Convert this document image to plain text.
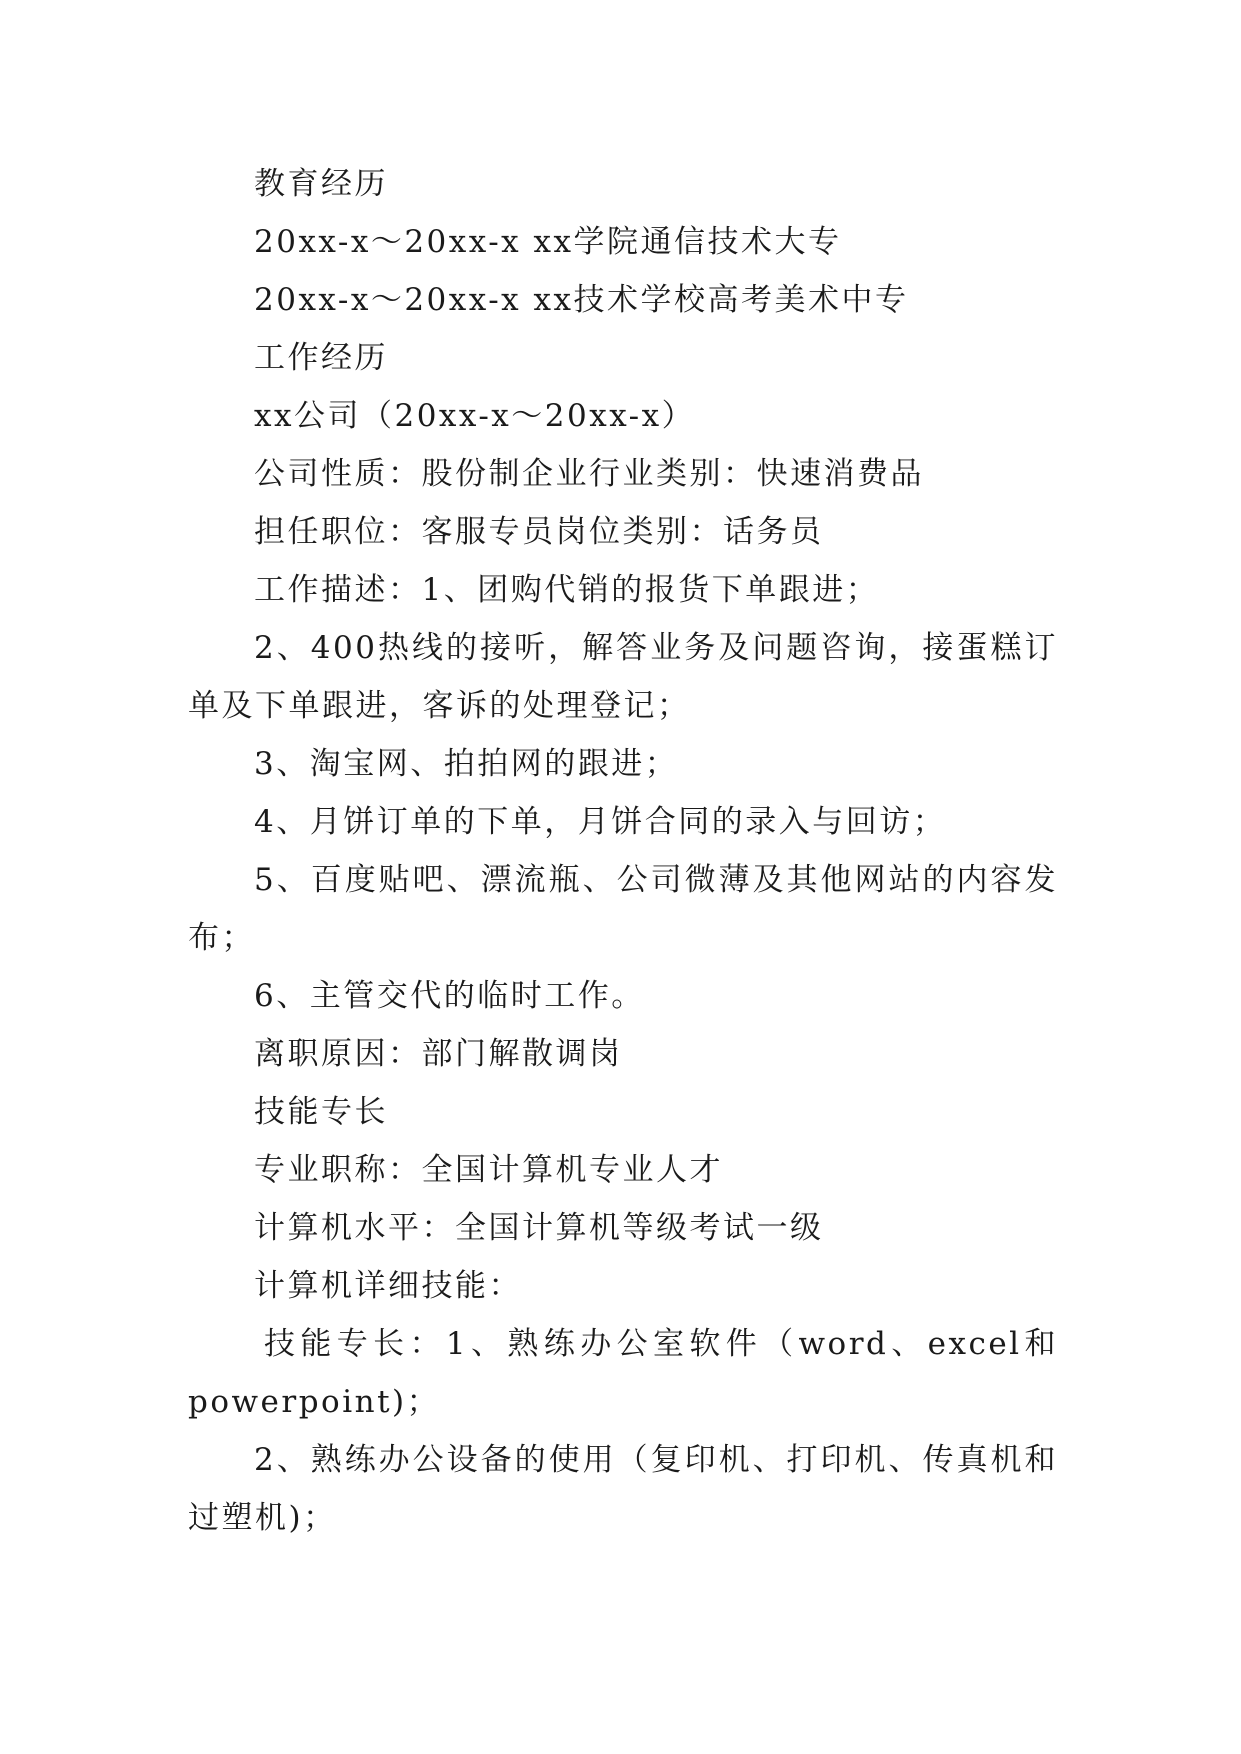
教育经历
20xx-x～20xx-x xx学院通信技术大专
20xx-x～20xx-x xx技术学校高考美术中专
工作经历
xx公司（20xx-x～20xx-x）
公司性质：股份制企业行业类别：快速消费品
担任职位：客服专员岗位类别：话务员
工作描述：1、团购代销的报货下单跟进；
2、400热线的接听，解答业务及问题咨询，接蛋糕订单及下单跟进，客诉的处理登记；
3、淘宝网、拍拍网的跟进；
4、月饼订单的下单，月饼合同的录入与回访；
5、百度贴吧、漂流瓶、公司微薄及其他网站的内容发布；
6、主管交代的临时工作。
离职原因：部门解散调岗
技能专长
专业职称：全国计算机专业人才
计算机水平：全国计算机等级考试一级
计算机详细技能：
技能专长：1、熟练办公室软件（word、excel和powerpoint)；
2、熟练办公设备的使用（复印机、打印机、传真机和过塑机)；
